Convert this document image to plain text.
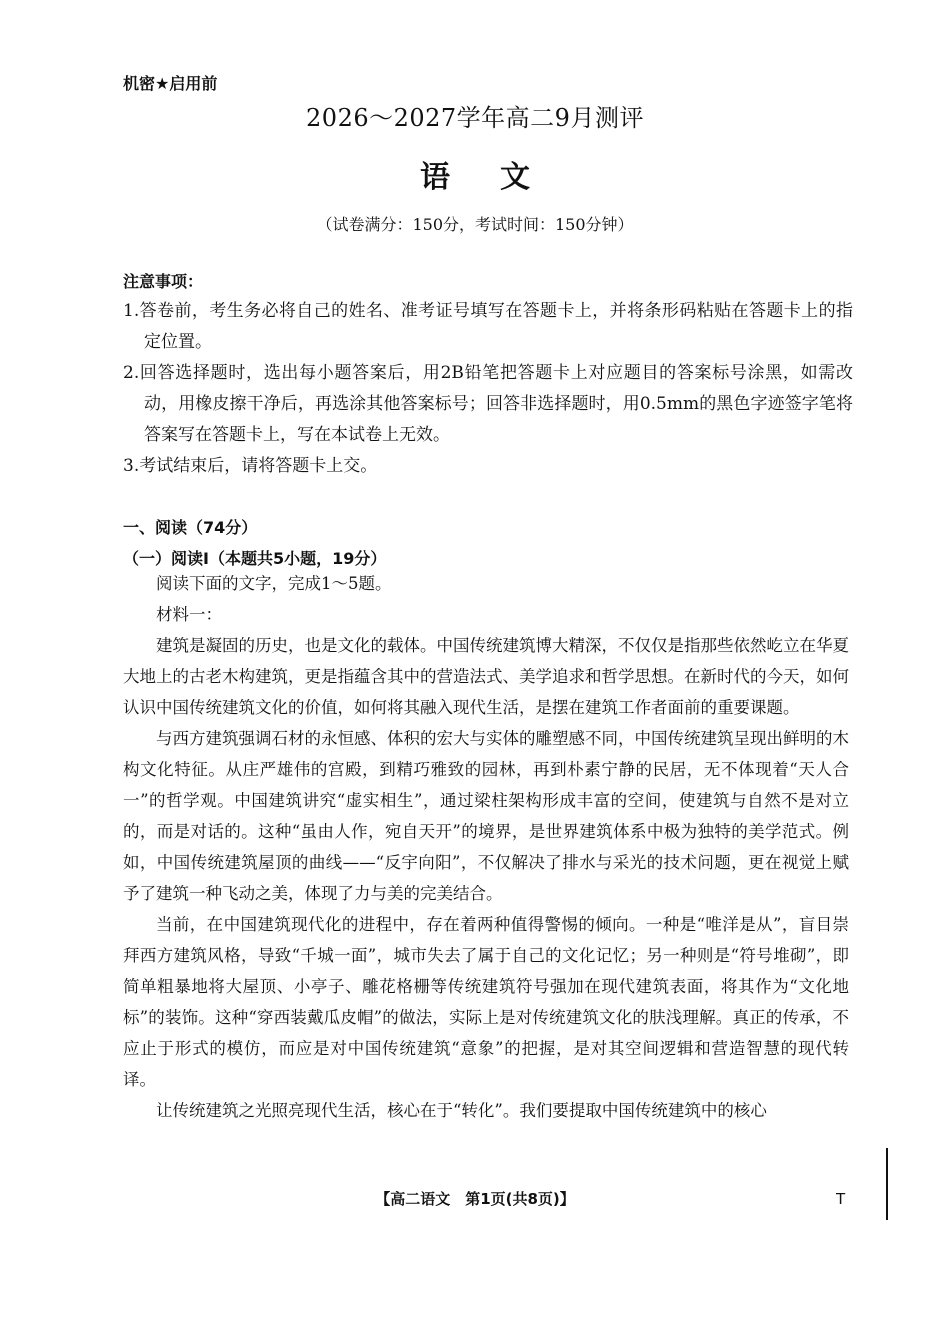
机密★启用前
2026～2027学年高二9月测评
语文
（试卷满分：150分，考试时间：150分钟）
注意事项：
1.答卷前，考生务必将自己的姓名、准考证号填写在答题卡上，并将条形码粘贴在答题卡上的指定位置。
2.回答选择题时，选出每小题答案后，用2B铅笔把答题卡上对应题目的答案标号涂黑，如需改动，用橡皮擦干净后，再选涂其他答案标号；回答非选择题时，用0.5mm的黑色字迹签字笔将答案写在答题卡上，写在本试卷上无效。
3.考试结束后，请将答题卡上交。
一、阅读（74分）
（一）阅读Ⅰ（本题共5小题，19分）

阅读下面的文字，完成1～5题。

材料一：

建筑是凝固的历史，也是文化的载体。中国传统建筑博大精深，不仅仅是指那些依然屹立在华夏大地上的古老木构建筑，更是指蕴含其中的营造法式、美学追求和哲学思想。在新时代的今天，如何认识中国传统建筑文化的价值，如何将其融入现代生活，是摆在建筑工作者面前的重要课题。

与西方建筑强调石材的永恒感、体积的宏大与实体的雕塑感不同，中国传统建筑呈现出鲜明的木构文化特征。从庄严雄伟的宫殿，到精巧雅致的园林，再到朴素宁静的民居，无不体现着“天人合一”的哲学观。中国建筑讲究“虚实相生”，通过梁柱架构形成丰富的空间，使建筑与自然不是对立的，而是对话的。这种“虽由人作，宛自天开”的境界，是世界建筑体系中极为独特的美学范式。例如，中国传统建筑屋顶的曲线——“反宇向阳”，不仅解决了排水与采光的技术问题，更在视觉上赋予了建筑一种飞动之美，体现了力与美的完美结合。

当前，在中国建筑现代化的进程中，存在着两种值得警惕的倾向。一种是“唯洋是从”，盲目崇拜西方建筑风格，导致“千城一面”，城市失去了属于自己的文化记忆；另一种则是“符号堆砌”，即简单粗暴地将大屋顶、小亭子、雕花格栅等传统建筑符号强加在现代建筑表面，将其作为“文化地标”的装饰。这种“穿西装戴瓜皮帽”的做法，实际上是对传统建筑文化的肤浅理解。真正的传承，不应止于形式的模仿，而应是对中国传统建筑“意象”的把握，是对其空间逻辑和营造智慧的现代转译。

让传统建筑之光照亮现代生活，核心在于“转化”。我们要提取中国传统建筑中的核心

【高二语文　第1页(共8页)】	T
